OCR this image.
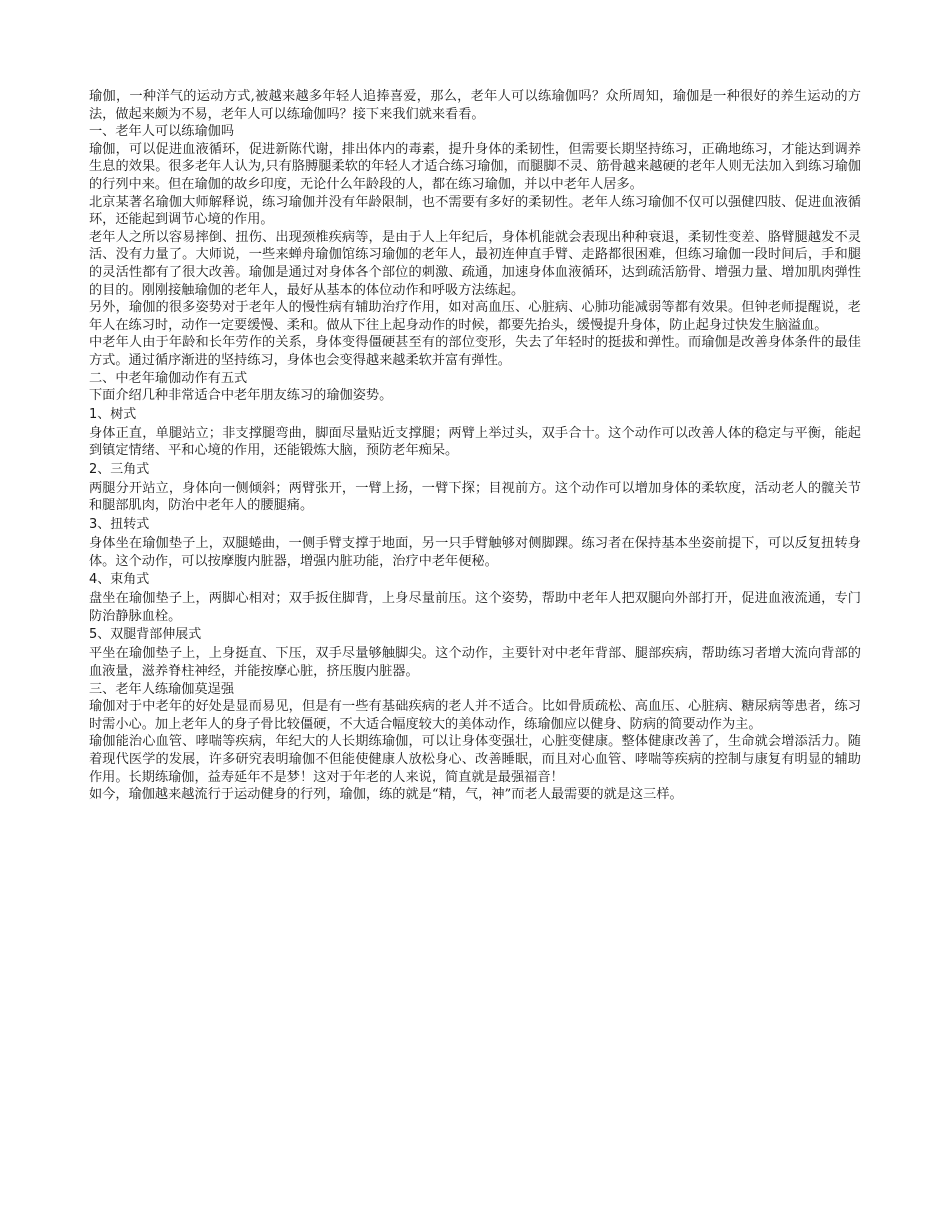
瑜伽，一种洋气的运动方式,被越来越多年轻人追捧喜爱，那么，老年人可以练瑜伽吗？众所周知，瑜伽是一种很好的养生运动的方法，做起来颇为不易，老年人可以练瑜伽吗？接下来我们就来看看。

一、老年人可以练瑜伽吗

瑜伽，可以促进血液循环，促进新陈代谢，排出体内的毒素，提升身体的柔韧性，但需要长期坚持练习，正确地练习，才能达到调养生息的效果。很多老年人认为,只有胳膊腿柔软的年轻人才适合练习瑜伽，而腿脚不灵、筋骨越来越硬的老年人则无法加入到练习瑜伽的行列中来。但在瑜伽的故乡印度，无论什么年龄段的人，都在练习瑜伽，并以中老年人居多。

北京某著名瑜伽大师解释说，练习瑜伽并没有年龄限制，也不需要有多好的柔韧性。老年人练习瑜伽不仅可以强健四肢、促进血液循环，还能起到调节心境的作用。

老年人之所以容易摔倒、扭伤、出现颈椎疾病等，是由于人上年纪后，身体机能就会表现出种种衰退，柔韧性变差、胳臂腿越发不灵活、没有力量了。大师说，一些来蝉舟瑜伽馆练习瑜伽的老年人，最初连伸直手臂、走路都很困难，但练习瑜伽一段时间后，手和腿的灵活性都有了很大改善。瑜伽是通过对身体各个部位的刺激、疏通，加速身体血液循环，达到疏活筋骨、增强力量、增加肌肉弹性的目的。刚刚接触瑜伽的老年人，最好从基本的体位动作和呼吸方法练起。

另外，瑜伽的很多姿势对于老年人的慢性病有辅助治疗作用，如对高血压、心脏病、心肺功能减弱等都有效果。但钟老师提醒说，老年人在练习时，动作一定要缓慢、柔和。做从下往上起身动作的时候，都要先抬头，缓慢提升身体，防止起身过快发生脑溢血。

中老年人由于年龄和长年劳作的关系，身体变得僵硬甚至有的部位变形，失去了年轻时的挺拔和弹性。而瑜伽是改善身体条件的最佳方式。通过循序渐进的坚持练习，身体也会变得越来越柔软并富有弹性。

二、中老年瑜伽动作有五式

下面介绍几种非常适合中老年朋友练习的瑜伽姿势。

1、树式

身体正直，单腿站立；非支撑腿弯曲，脚面尽量贴近支撑腿；两臂上举过头，双手合十。这个动作可以改善人体的稳定与平衡，能起到镇定情绪、平和心境的作用，还能锻炼大脑，预防老年痴呆。

2、三角式

两腿分开站立，身体向一侧倾斜；两臂张开，一臂上扬，一臂下探；目视前方。这个动作可以增加身体的柔软度，活动老人的髋关节和腿部肌肉，防治中老年人的腰腿痛。

3、扭转式

身体坐在瑜伽垫子上，双腿蜷曲，一侧手臂支撑于地面，另一只手臂触够对侧脚踝。练习者在保持基本坐姿前提下，可以反复扭转身体。这个动作，可以按摩腹内脏器，增强内脏功能，治疗中老年便秘。

4、束角式

盘坐在瑜伽垫子上，两脚心相对；双手扳住脚背，上身尽量前压。这个姿势，帮助中老年人把双腿向外部打开，促进血液流通，专门防治静脉血栓。

5、双腿背部伸展式

平坐在瑜伽垫子上，上身挺直、下压，双手尽量够触脚尖。这个动作，主要针对中老年背部、腿部疾病，帮助练习者增大流向背部的血液量，滋养脊柱神经，并能按摩心脏，挤压腹内脏器。

三、老年人练瑜伽莫逞强

瑜伽对于中老年的好处是显而易见，但是有一些有基础疾病的老人并不适合。比如骨质疏松、高血压、心脏病、糖尿病等患者，练习时需小心。加上老年人的身子骨比较僵硬，不大适合幅度较大的美体动作，练瑜伽应以健身、防病的简要动作为主。

瑜伽能治心血管、哮喘等疾病，年纪大的人长期练瑜伽，可以让身体变强壮，心脏变健康。整体健康改善了，生命就会增添活力。随着现代医学的发展，许多研究表明瑜伽不但能使健康人放松身心、改善睡眠，而且对心血管、哮喘等疾病的控制与康复有明显的辅助作用。长期练瑜伽，益寿延年不是梦！这对于年老的人来说，简直就是最强福音！

如今，瑜伽越来越流行于运动健身的行列，瑜伽，练的就是“精，气，神”而老人最需要的就是这三样。
